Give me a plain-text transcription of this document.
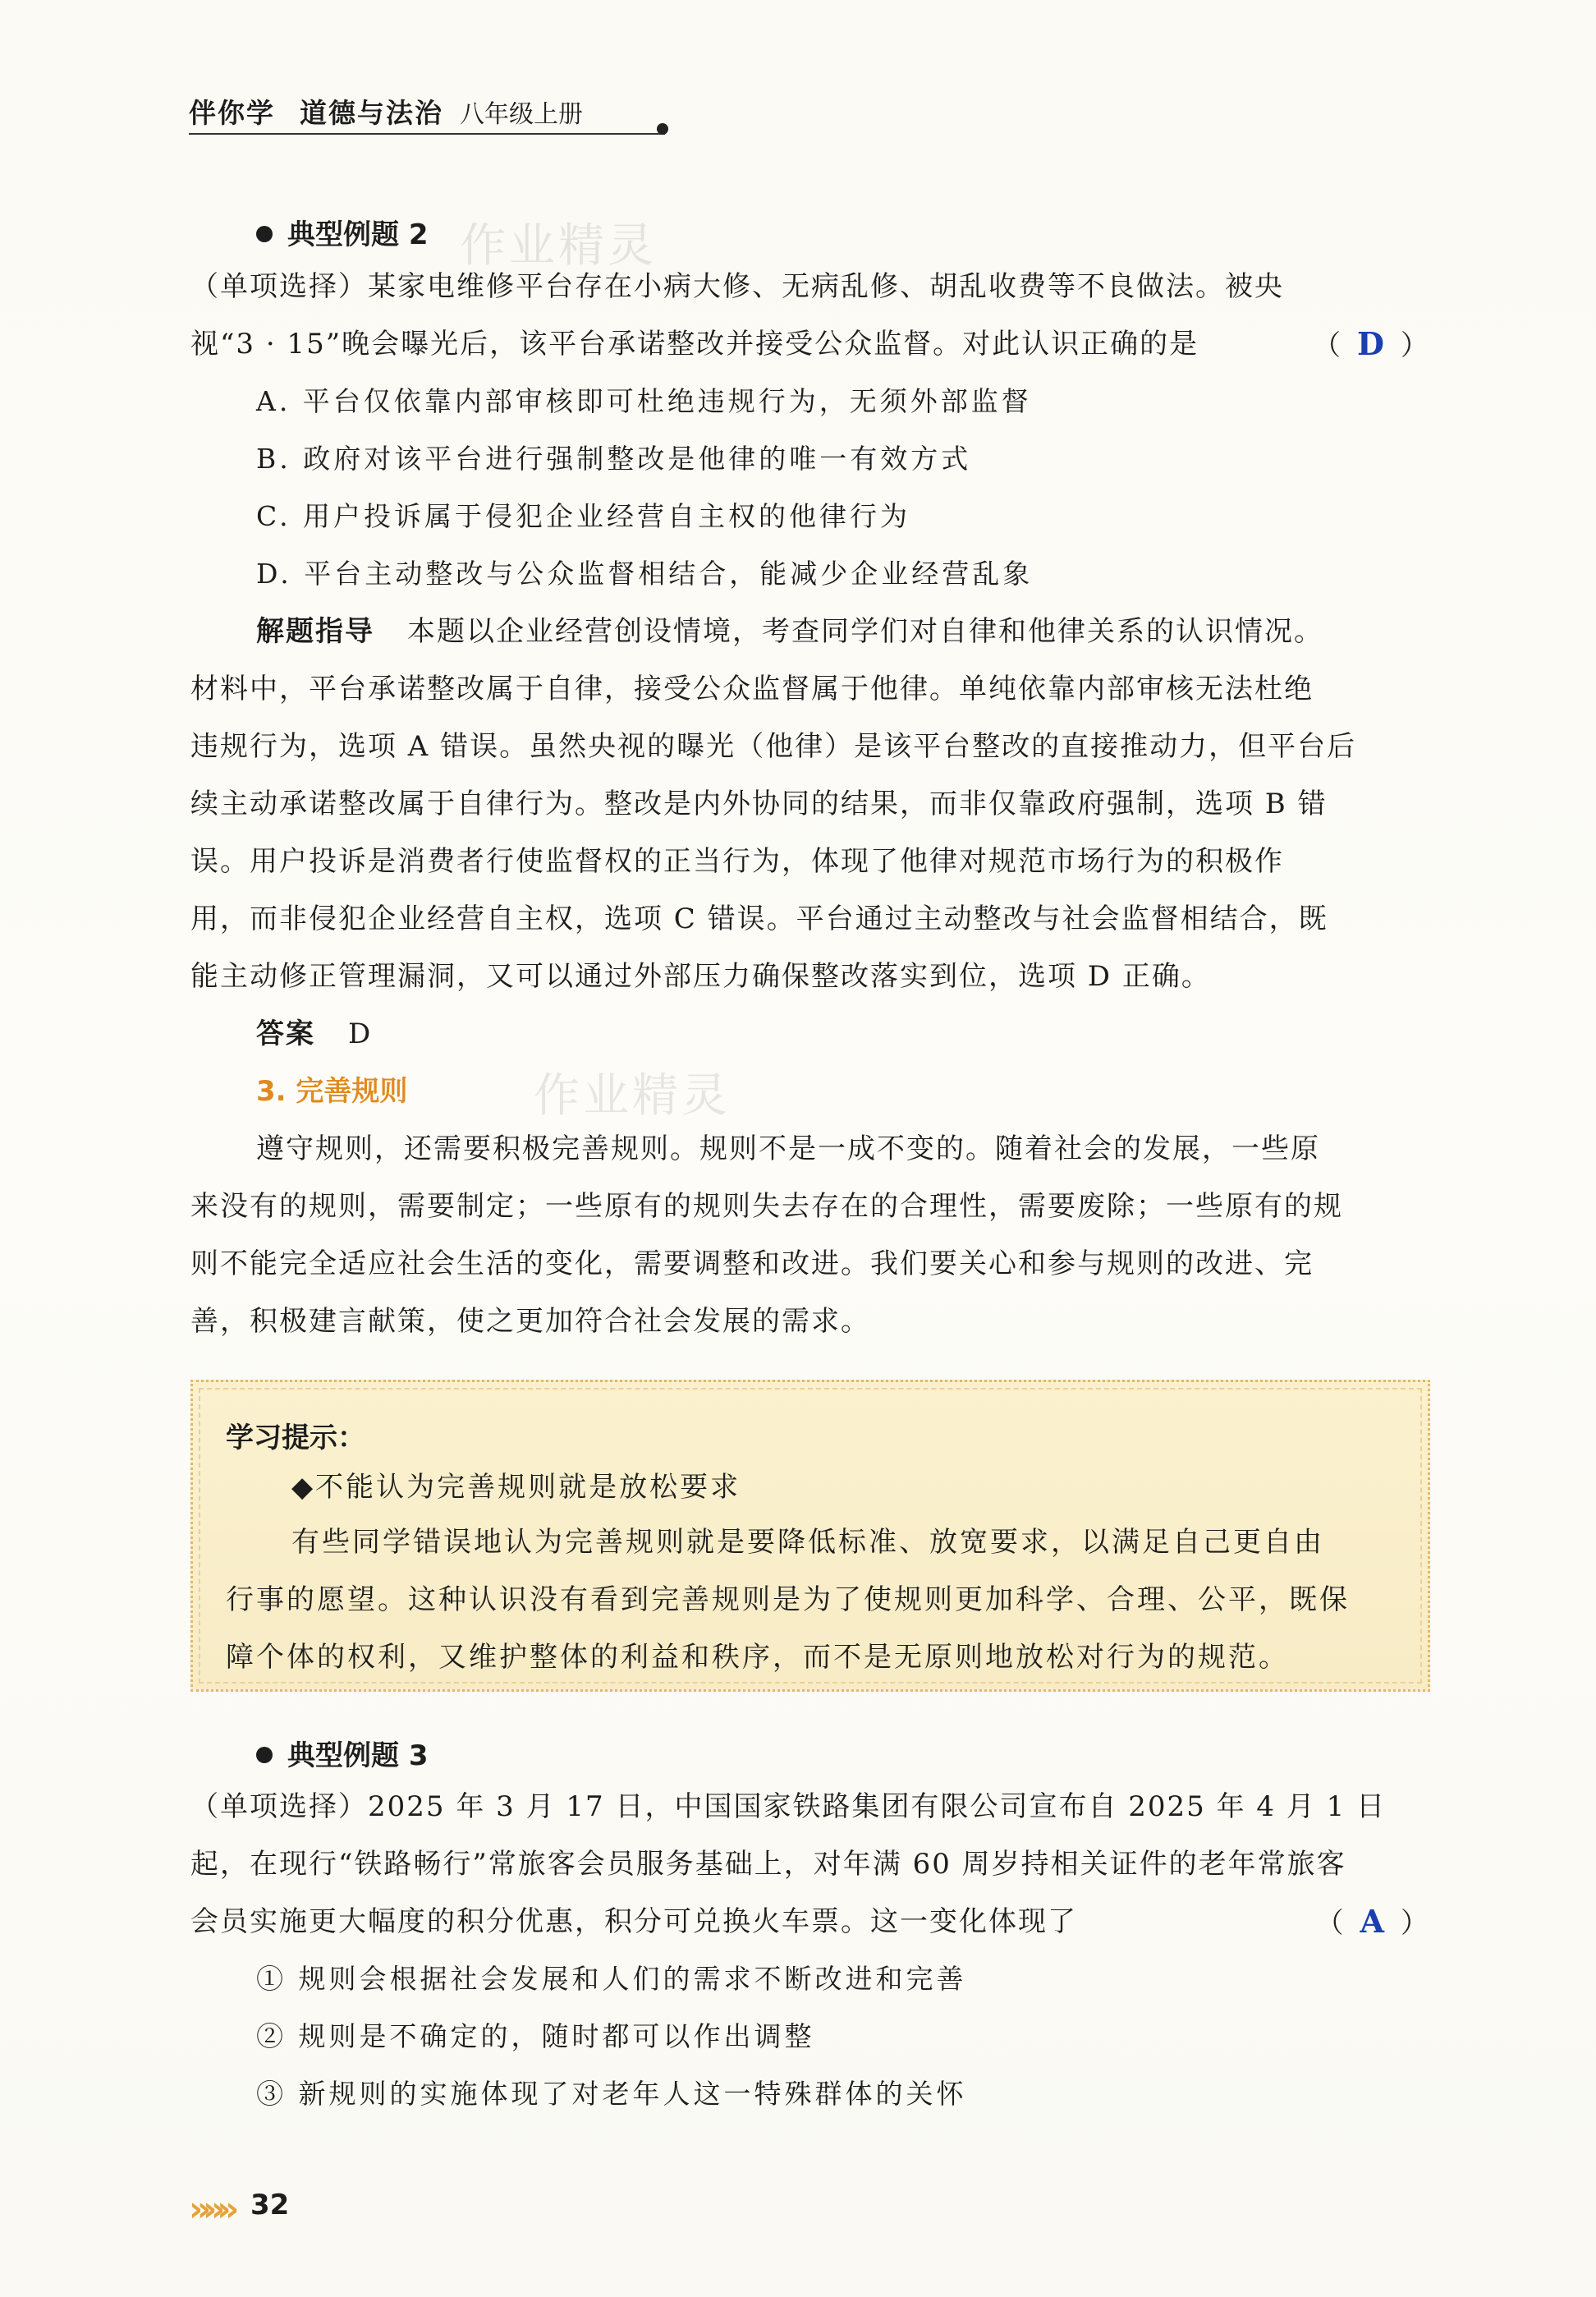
伴你学 道德与法治 八年级上册
作业精灵
作业精灵
典型例题 2
（单项选择）某家电维修平台存在小病大修、无病乱修、胡乱收费等不良做法。被央
视“3 · 15”晚会曝光后，该平台承诺整改并接受公众监督。对此认识正确的是	（ D ）
A. 平台仅依靠内部审核即可杜绝违规行为，无须外部监督
B. 政府对该平台进行强制整改是他律的唯一有效方式
C. 用户投诉属于侵犯企业经营自主权的他律行为
D. 平台主动整改与公众监督相结合，能减少企业经营乱象
解题指导 本题以企业经营创设情境，考查同学们对自律和他律关系的认识情况。
材料中，平台承诺整改属于自律，接受公众监督属于他律。单纯依靠内部审核无法杜绝
违规行为，选项 A 错误。虽然央视的曝光（他律）是该平台整改的直接推动力，但平台后
续主动承诺整改属于自律行为。整改是内外协同的结果，而非仅靠政府强制，选项 B 错
误。用户投诉是消费者行使监督权的正当行为，体现了他律对规范市场行为的积极作
用，而非侵犯企业经营自主权，选项 C 错误。平台通过主动整改与社会监督相结合，既
能主动修正管理漏洞，又可以通过外部压力确保整改落实到位，选项 D 正确。
答案 D
3. 完善规则
遵守规则，还需要积极完善规则。规则不是一成不变的。随着社会的发展，一些原
来没有的规则，需要制定；一些原有的规则失去存在的合理性，需要废除；一些原有的规
则不能完全适应社会生活的变化，需要调整和改进。我们要关心和参与规则的改进、完
善，积极建言献策，使之更加符合社会发展的需求。
学习提示：
◆不能认为完善规则就是放松要求
有些同学错误地认为完善规则就是要降低标准、放宽要求，以满足自己更自由
行事的愿望。这种认识没有看到完善规则是为了使规则更加科学、合理、公平，既保
障个体的权利，又维护整体的利益和秩序，而不是无原则地放松对行为的规范。
典型例题 3
（单项选择）2025 年 3 月 17 日，中国国家铁路集团有限公司宣布自 2025 年 4 月 1 日
起，在现行“铁路畅行”常旅客会员服务基础上，对年满 60 周岁持相关证件的老年常旅客
会员实施更大幅度的积分优惠，积分可兑换火车票。这一变化体现了	（ A ）
① 规则会根据社会发展和人们的需求不断改进和完善
② 规则是不确定的，随时都可以作出调整
③ 新规则的实施体现了对老年人这一特殊群体的关怀
»»» 32
